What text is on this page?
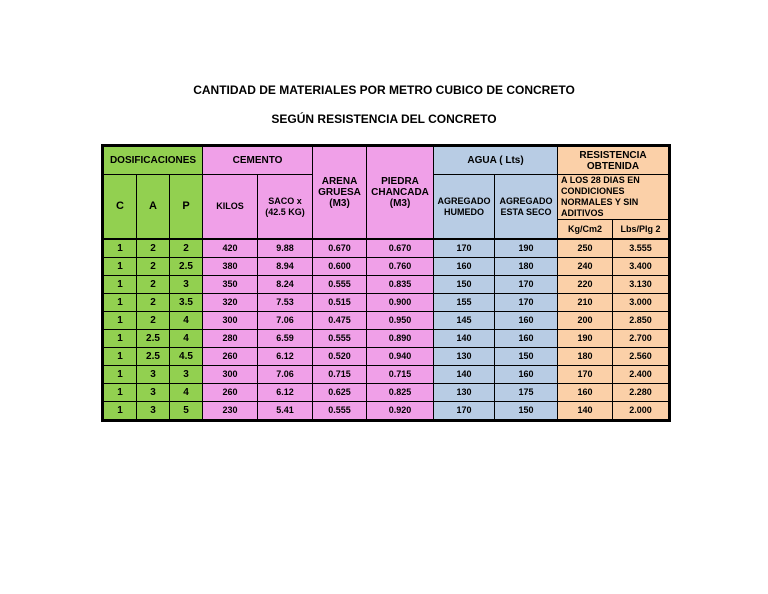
CANTIDAD DE MATERIALES POR METRO CUBICO DE CONCRETO
SEGÚN RESISTENCIA DEL CONCRETO
DOSIFICACIONES			CEMENTO		ARENA GRUESA (M3)	PIEDRA CHANCADA (M3)	AGUA ( Lts)		RESISTENCIA OBTENIDA	
C	A	P	KILOS	SACO x (42.5 KG)			AGREGADO HUMEDO	AGREGADO ESTA SECO	A LOS 28 DIAS EN CONDICIONES NORMALES Y SIN ADITIVOS	
									Kg/Cm2	Lbs/Plg 2
1	2	2	420	9.88	0.670	0.670	170	190	250	3.555
1	2	2.5	380	8.94	0.600	0.760	160	180	240	3.400
1	2	3	350	8.24	0.555	0.835	150	170	220	3.130
1	2	3.5	320	7.53	0.515	0.900	155	170	210	3.000
1	2	4	300	7.06	0.475	0.950	145	160	200	2.850
1	2.5	4	280	6.59	0.555	0.890	140	160	190	2.700
1	2.5	4.5	260	6.12	0.520	0.940	130	150	180	2.560
1	3	3	300	7.06	0.715	0.715	140	160	170	2.400
1	3	4	260	6.12	0.625	0.825	130	175	160	2.280
1	3	5	230	5.41	0.555	0.920	170	150	140	2.000
